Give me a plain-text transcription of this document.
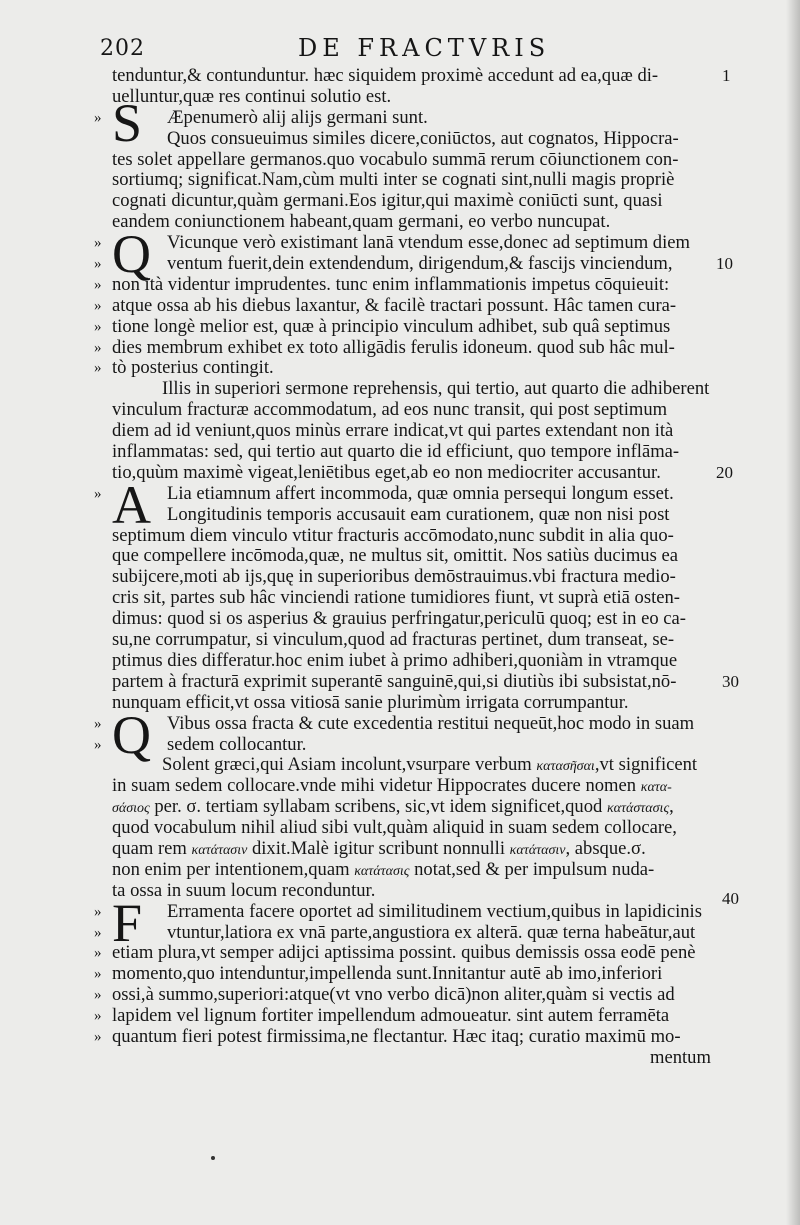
202	DE FRACTVRIS
tenduntur,& contunduntur. hæc siquidem proximè accedunt ad ea,quæ di-	1
uelluntur,quæ res continui solutio est.
» S Æpenumerò alij alijs germani sunt.
Quos consueuimus similes dicere,coniūctos, aut cognatos, Hippocra-
tes solet appellare germanos.quo vocabulo summā rerum cōiunctionem con-
sortiumq; significat.Nam,cùm multi inter se cognati sint,nulli magis propriè
cognati dicuntur,quàm germani.Eos igitur,qui maximè coniūcti sunt, quasi
eandem coniunctionem habeant,quam germani, eo verbo nuncupat.
» Q Vicunque verò existimant lanā vtendum esse,donec ad septimum diem
»	ventum fuerit,dein extendendum, dirigendum,& fascijs vinciendum,	10
» non ità videntur imprudentes. tunc enim inflammationis impetus cōquieuit:
» atque ossa ab his diebus laxantur, & facilè tractari possunt. Hâc tamen cura-
» tione longè melior est, quæ à principio vinculum adhibet, sub quâ septimus
» dies membrum exhibet ex toto alligādis ferulis idoneum. quod sub hâc mul-
» tò posterius contingit.
Illis in superiori sermone reprehensis, qui tertio, aut quarto die adhiberent
vinculum fracturæ accommodatum, ad eos nunc transit, qui post septimum
diem ad id veniunt,quos minùs errare indicat,vt qui partes extendant non ità
inflammatas: sed, qui tertio aut quarto die id efficiunt, quo tempore inflāma-
tio,quùm maximè vigeat,leniētibus eget,ab eo non mediocriter accusantur.	20
» A Lia etiamnum affert incommoda, quæ omnia persequi longum esset.
Longitudinis temporis accusauit eam curationem, quæ non nisi post
septimum diem vinculo vtitur fracturis accōmodato,nunc subdit in alia quo-
que compellere incōmoda,quæ, ne multus sit, omittit. Nos satiùs ducimus ea
subijcere,moti ab ijs,quę in superioribus demōstrauimus.vbi fractura medio-
cris sit, partes sub hâc vinciendi ratione tumidiores fiunt, vt suprà etiā osten-
dimus: quod si os asperius & grauius perfringatur,periculū quoq; est in eo ca-
su,ne corrumpatur, si vinculum,quod ad fracturas pertinet, dum transeat, se-
ptimus dies differatur.hoc enim iubet à primo adhiberi,quoniàm in vtramque
partem à fracturā exprimit superantē sanguinē,qui,si diutiùs ibi subsistat,nō-	30
nunquam efficit,vt ossa vitiosā sanie plurimùm irrigata corrumpantur.
» Q Vibus ossa fracta & cute excedentia restitui nequeūt,hoc modo in suam
»	sedem collocantur.
Solent græci,qui Asiam incolunt,vsurpare verbum κατασῆσαι,vt significent
in suam sedem collocare.vnde mihi videtur Hippocrates ducere nomen κατα-
σάσιος per. σ. tertiam syllabam scribens, sic,vt idem significet,quod κατάστασις,
quod vocabulum nihil aliud sibi vult,quàm aliquid in suam sedem collocare,
quam rem κατάτασιν dixit.Malè igitur scribunt nonnulli κατάτασιν, absque.σ.
non enim per intentionem,quam κατάτασις notat,sed & per impulsum nuda-
ta ossa in suum locum reconduntur.	40
» F Erramenta facere oportet ad similitudinem vectium,quibus in lapidicinis
»	vtuntur,latiora ex vnā parte,angustiora ex alterā. quæ terna habeātur,aut
» etiam plura,vt semper adijci aptissima possint. quibus demissis ossa eodē penè
» momento,quo intenduntur,impellenda sunt.Innitantur autē ab imo,inferiori
» ossi,à summo,superiori:atque(vt vno verbo dicā)non aliter,quàm si vectis ad
» lapidem vel lignum fortiter impellendum admoueatur. sint autem ferramēta
» quantum fieri potest firmissima,ne flectantur. Hæc itaq; curatio maximū mo-
mentum
